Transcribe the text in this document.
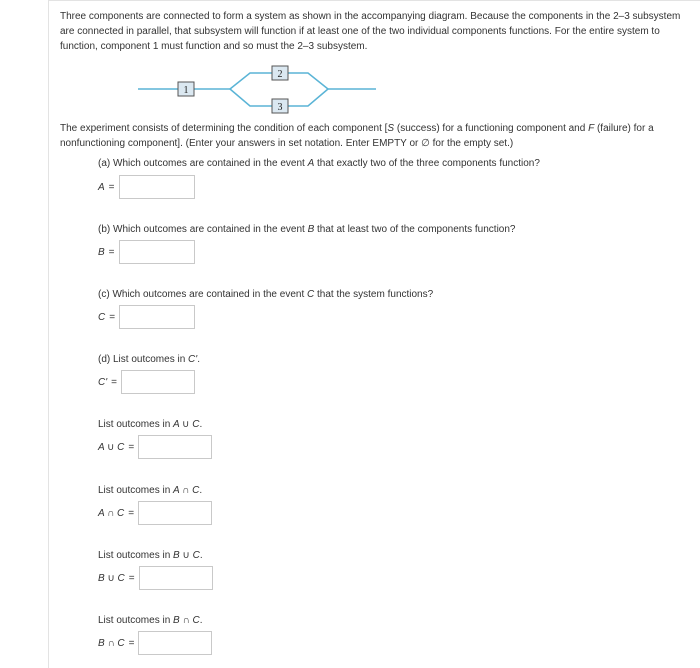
Three components are connected to form a system as shown in the accompanying diagram. Because the components in the 2–3 subsystem are connected in parallel, that subsystem will function if at least one of the two individual components functions. For the entire system to function, component 1 must function and so must the 2–3 subsystem.

1
2
3

The experiment consists of determining the condition of each component [S (success) for a functioning component and F (failure) for a nonfunctioning component]. (Enter your answers in set notation. Enter EMPTY or ∅ for the empty set.)

(a) Which outcomes are contained in the event A that exactly two of the three components function?

A =

(b) Which outcomes are contained in the event B that at least two of the components function?

B =

(c) Which outcomes are contained in the event C that the system functions?

C =

(d) List outcomes in C'.

C' =

List outcomes in A ∪ C.

A ∪ C =

List outcomes in A ∩ C.

A ∩ C =

List outcomes in B ∪ C.

B ∪ C =

List outcomes in B ∩ C.

B ∩ C =
